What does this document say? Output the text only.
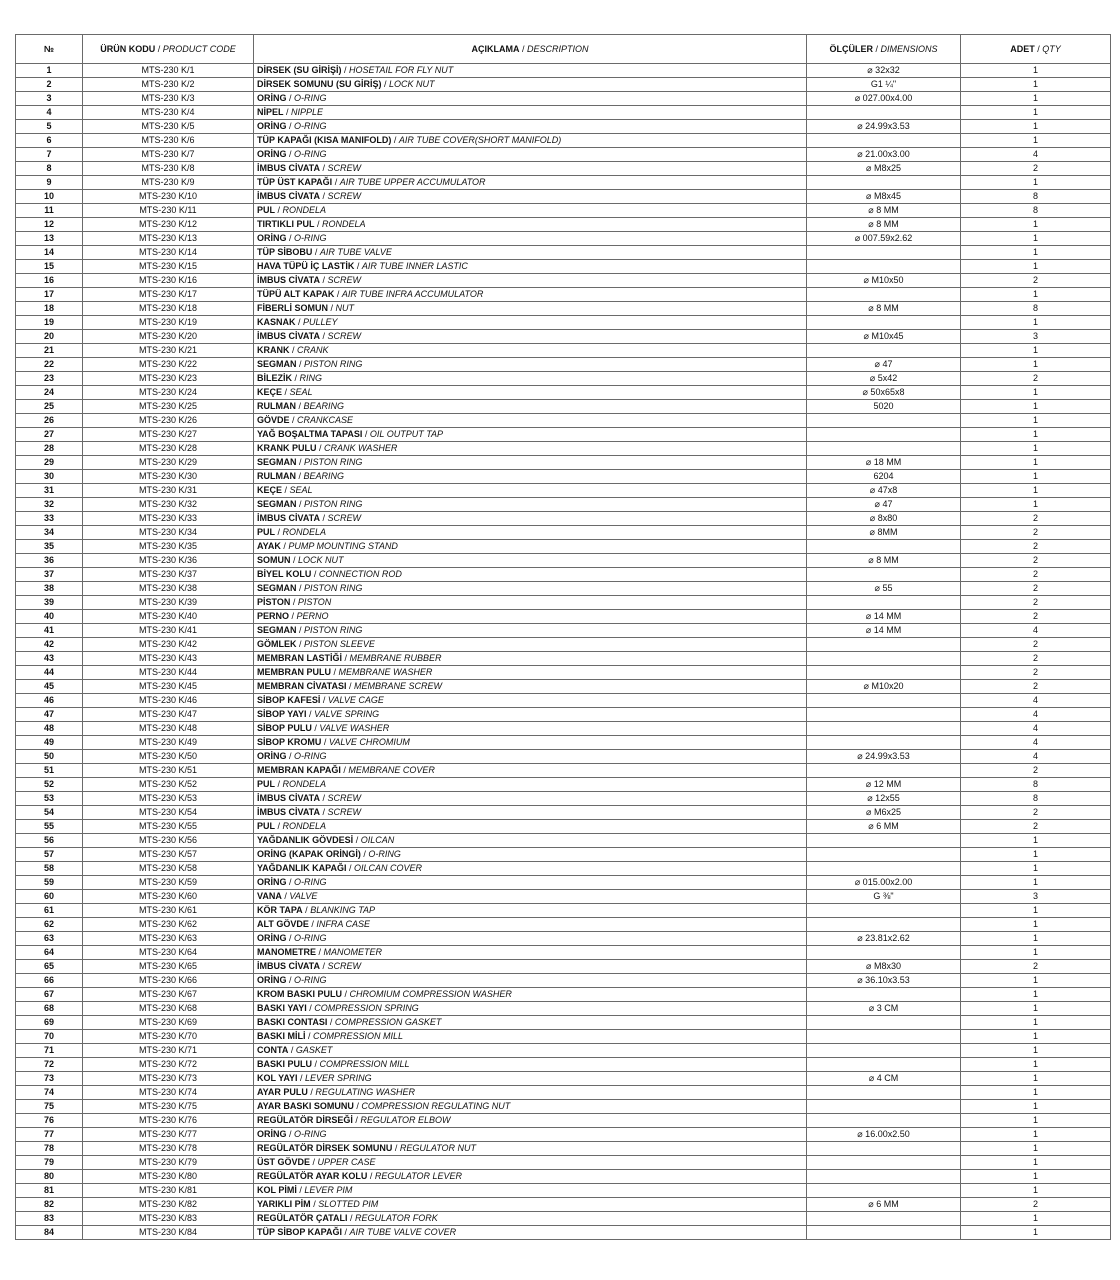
№	ÜRÜN KODU / PRODUCT CODE	AÇIKLAMA / DESCRIPTION	ÖLÇÜLER / DIMENSIONS	ADET / QTY
1	MTS-230 K/1	DİRSEK (SU GİRİŞİ) / HOSETAIL FOR FLY NUT	⌀ 32x32	1
2	MTS-230 K/2	DİRSEK SOMUNU (SU GİRİŞ) / LOCK NUT	G1 ¼"	1
3	MTS-230 K/3	ORİNG / O-RING	⌀ 027.00x4.00	1
4	MTS-230 K/4	NİPEL / NIPPLE		1
5	MTS-230 K/5	ORİNG / O-RING	⌀ 24.99x3.53	1
6	MTS-230 K/6	TÜP KAPAĞI (KISA MANIFOLD) / AIR TUBE COVER(SHORT MANIFOLD)		1
7	MTS-230 K/7	ORİNG / O-RING	⌀ 21.00x3.00	4
8	MTS-230 K/8	İMBUS CİVATA / SCREW	⌀ M8x25	2
9	MTS-230 K/9	TÜP ÜST KAPAĞI / AIR TUBE UPPER ACCUMULATOR		1
10	MTS-230 K/10	İMBUS CİVATA / SCREW	⌀ M8x45	8
11	MTS-230 K/11	PUL / RONDELA	⌀ 8 MM	8
12	MTS-230 K/12	TIRTIKLI PUL / RONDELA	⌀ 8 MM	1
13	MTS-230 K/13	ORİNG / O-RING	⌀ 007.59x2.62	1
14	MTS-230 K/14	TÜP SİBOBU / AIR TUBE VALVE		1
15	MTS-230 K/15	HAVA TÜPÜ İÇ LASTİK / AIR TUBE INNER LASTIC		1
16	MTS-230 K/16	İMBUS CİVATA / SCREW	⌀ M10x50	2
17	MTS-230 K/17	TÜPÜ ALT KAPAK / AIR TUBE INFRA ACCUMULATOR		1
18	MTS-230 K/18	FİBERLİ SOMUN / NUT	⌀ 8 MM	8
19	MTS-230 K/19	KASNAK / PULLEY		1
20	MTS-230 K/20	İMBUS CİVATA / SCREW	⌀ M10x45	3
21	MTS-230 K/21	KRANK / CRANK		1
22	MTS-230 K/22	SEGMAN / PISTON RING	⌀ 47	1
23	MTS-230 K/23	BİLEZİK / RING	⌀ 5x42	2
24	MTS-230 K/24	KEÇE / SEAL	⌀ 50x65x8	1
25	MTS-230 K/25	RULMAN / BEARING	5020	1
26	MTS-230 K/26	GÖVDE / CRANKCASE		1
27	MTS-230 K/27	YAĞ BOŞALTMA TAPASI / OIL OUTPUT TAP		1
28	MTS-230 K/28	KRANK PULU / CRANK WASHER		1
29	MTS-230 K/29	SEGMAN / PISTON RING	⌀ 18 MM	1
30	MTS-230 K/30	RULMAN / BEARING	6204	1
31	MTS-230 K/31	KEÇE / SEAL	⌀ 47x8	1
32	MTS-230 K/32	SEGMAN / PISTON RING	⌀ 47	1
33	MTS-230 K/33	İMBUS CİVATA / SCREW	⌀ 8x80	2
34	MTS-230 K/34	PUL / RONDELA	⌀ 8MM	2
35	MTS-230 K/35	AYAK / PUMP MOUNTING STAND		2
36	MTS-230 K/36	SOMUN / LOCK NUT	⌀ 8 MM	2
37	MTS-230 K/37	BİYEL KOLU / CONNECTION ROD		2
38	MTS-230 K/38	SEGMAN / PISTON RING	⌀ 55	2
39	MTS-230 K/39	PİSTON / PISTON		2
40	MTS-230 K/40	PERNO / PERNO	⌀ 14 MM	2
41	MTS-230 K/41	SEGMAN / PISTON RING	⌀ 14 MM	4
42	MTS-230 K/42	GÖMLEK / PISTON SLEEVE		2
43	MTS-230 K/43	MEMBRAN LASTİĞİ / MEMBRANE RUBBER		2
44	MTS-230 K/44	MEMBRAN PULU / MEMBRANE WASHER		2
45	MTS-230 K/45	MEMBRAN CİVATASI / MEMBRANE SCREW	⌀ M10x20	2
46	MTS-230 K/46	SİBOP KAFESİ / VALVE CAGE		4
47	MTS-230 K/47	SİBOP YAYI / VALVE SPRING		4
48	MTS-230 K/48	SİBOP PULU / VALVE WASHER		4
49	MTS-230 K/49	SİBOP KROMU / VALVE CHROMIUM		4
50	MTS-230 K/50	ORİNG / O-RING	⌀ 24.99x3.53	4
51	MTS-230 K/51	MEMBRAN KAPAĞI / MEMBRANE COVER		2
52	MTS-230 K/52	PUL / RONDELA	⌀ 12 MM	8
53	MTS-230 K/53	İMBUS CİVATA / SCREW	⌀ 12x55	8
54	MTS-230 K/54	İMBUS CİVATA / SCREW	⌀ M6x25	2
55	MTS-230 K/55	PUL / RONDELA	⌀ 6 MM	2
56	MTS-230 K/56	YAĞDANLIK GÖVDESİ / OILCAN		1
57	MTS-230 K/57	ORİNG (KAPAK ORİNGİ) / O-RING		1
58	MTS-230 K/58	YAĞDANLIK KAPAĞI / OILCAN COVER		1
59	MTS-230 K/59	ORİNG / O-RING	⌀ 015.00x2.00	1
60	MTS-230 K/60	VANA / VALVE	G ⅜"	3
61	MTS-230 K/61	KÖR TAPA / BLANKING TAP		1
62	MTS-230 K/62	ALT GÖVDE / INFRA CASE		1
63	MTS-230 K/63	ORİNG / O-RING	⌀ 23.81x2.62	1
64	MTS-230 K/64	MANOMETRE / MANOMETER		1
65	MTS-230 K/65	İMBUS CİVATA / SCREW	⌀ M8x30	2
66	MTS-230 K/66	ORİNG / O-RING	⌀ 36.10x3.53	1
67	MTS-230 K/67	KROM BASKI PULU / CHROMIUM COMPRESSION WASHER		1
68	MTS-230 K/68	BASKI YAYI / COMPRESSION SPRING	⌀ 3 CM	1
69	MTS-230 K/69	BASKI CONTASI / COMPRESSION GASKET		1
70	MTS-230 K/70	BASKI MİLİ / COMPRESSION MILL		1
71	MTS-230 K/71	CONTA / GASKET		1
72	MTS-230 K/72	BASKI PULU / COMPRESSION MILL		1
73	MTS-230 K/73	KOL YAYI / LEVER SPRING	⌀ 4 CM	1
74	MTS-230 K/74	AYAR PULU / REGULATING WASHER		1
75	MTS-230 K/75	AYAR BASKI SOMUNU / COMPRESSION REGULATING NUT		1
76	MTS-230 K/76	REGÜLATÖR DİRSEĞİ / REGULATOR ELBOW		1
77	MTS-230 K/77	ORİNG / O-RING	⌀ 16.00x2.50	1
78	MTS-230 K/78	REGÜLATÖR DİRSEK SOMUNU / REGULATOR NUT		1
79	MTS-230 K/79	ÜST GÖVDE / UPPER CASE		1
80	MTS-230 K/80	REGÜLATÖR AYAR KOLU / REGULATOR LEVER		1
81	MTS-230 K/81	KOL PİMİ / LEVER PIM		1
82	MTS-230 K/82	YARIKLI PİM / SLOTTED PIM	⌀ 6 MM	2
83	MTS-230 K/83	REGÜLATÖR ÇATALI / REGULATOR FORK		1
84	MTS-230 K/84	TÜP SİBOP KAPAĞI / AIR TUBE VALVE COVER		1
